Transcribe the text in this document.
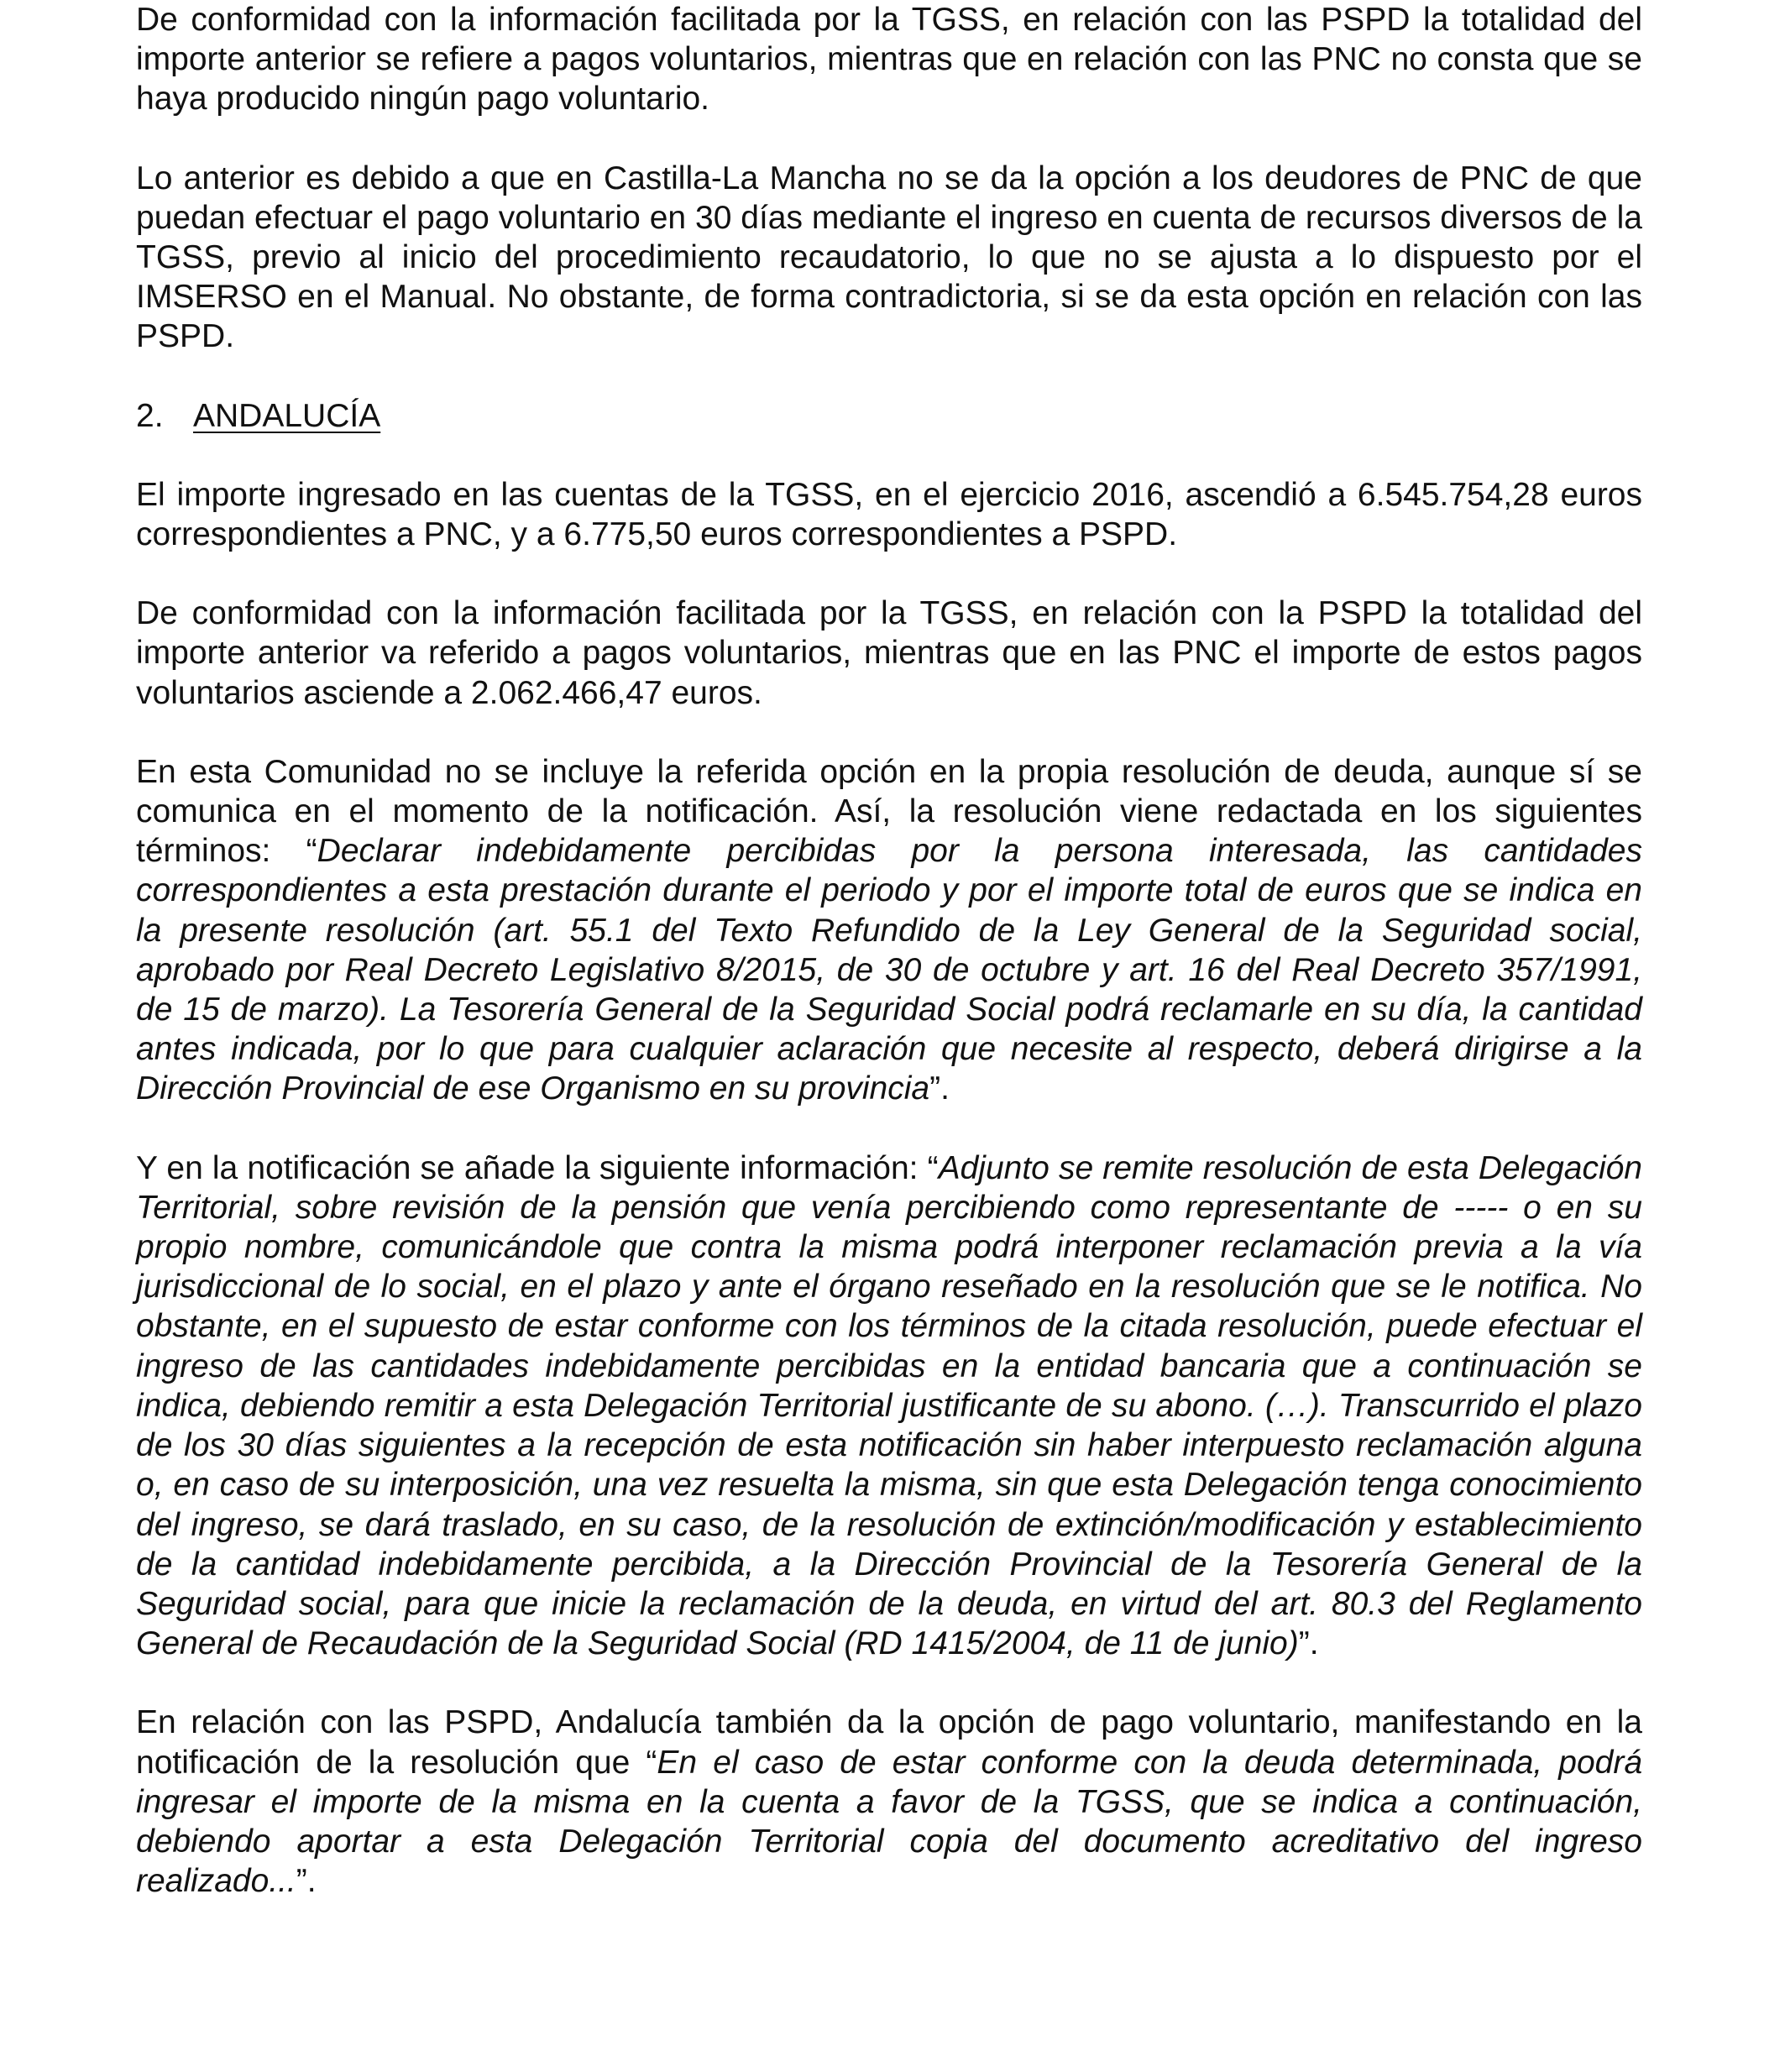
De conformidad con la información facilitada por la TGSS, en relación con las PSPD la totalidad del importe anterior se refiere a pagos voluntarios, mientras que en relación con las PNC no consta que se haya producido ningún pago voluntario.

Lo anterior es debido a que en Castilla-La Mancha no se da la opción a los deudores de PNC de que puedan efectuar el pago voluntario en 30 días mediante el ingreso en cuenta de recursos diversos de la TGSS, previo al inicio del procedimiento recaudatorio, lo que no se ajusta a lo dispuesto por el IMSERSO en el Manual. No obstante, de forma contradictoria, si se da esta opción en relación con las PSPD.

2. ANDALUCÍA

El importe ingresado en las cuentas de la TGSS, en el ejercicio 2016, ascendió a 6.545.754,28 euros correspondientes a PNC, y a 6.775,50 euros correspondientes a PSPD.

De conformidad con la información facilitada por la TGSS, en relación con la PSPD la totalidad del importe anterior va referido a pagos voluntarios, mientras que en las PNC el importe de estos pagos voluntarios asciende a 2.062.466,47 euros.

En esta Comunidad no se incluye la referida opción en la propia resolución de deuda, aunque sí se comunica en el momento de la notificación. Así, la resolución viene redactada en los siguientes términos: “Declarar indebidamente percibidas por la persona interesada, las cantidades correspondientes a esta prestación durante el periodo y por el importe total de euros que se indica en la presente resolución (art. 55.1 del Texto Refundido de la Ley General de la Seguridad social, aprobado por Real Decreto Legislativo 8/2015, de 30 de octubre y art. 16 del Real Decreto 357/1991, de 15 de marzo). La Tesorería General de la Seguridad Social podrá reclamarle en su día, la cantidad antes indicada, por lo que para cualquier aclaración que necesite al respecto, deberá dirigirse a la Dirección Provincial de ese Organismo en su provincia”.

Y en la notificación se añade la siguiente información: “Adjunto se remite resolución de esta Delegación Territorial, sobre revisión de la pensión que venía percibiendo como representante de ----- o en su propio nombre, comunicándole que contra la misma podrá interponer reclamación previa a la vía jurisdiccional de lo social, en el plazo y ante el órgano reseñado en la resolución que se le notifica. No obstante, en el supuesto de estar conforme con los términos de la citada resolución, puede efectuar el ingreso de las cantidades indebidamente percibidas en la entidad bancaria que a continuación se indica, debiendo remitir a esta Delegación Territorial justificante de su abono. (…). Transcurrido el plazo de los 30 días siguientes a la recepción de esta notificación sin haber interpuesto reclamación alguna o, en caso de su interposición, una vez resuelta la misma, sin que esta Delegación tenga conocimiento del ingreso, se dará traslado, en su caso, de la resolución de extinción/modificación y establecimiento de la cantidad indebidamente percibida, a la Dirección Provincial de la Tesorería General de la Seguridad social, para que inicie la reclamación de la deuda, en virtud del art. 80.3 del Reglamento General de Recaudación de la Seguridad Social (RD 1415/2004, de 11 de junio)”.

En relación con las PSPD, Andalucía también da la opción de pago voluntario, manifestando en la notificación de la resolución que “En el caso de estar conforme con la deuda determinada, podrá ingresar el importe de la misma en la cuenta a favor de la TGSS, que se indica a continuación, debiendo aportar a esta Delegación Territorial copia del documento acreditativo del ingreso realizado...”.
